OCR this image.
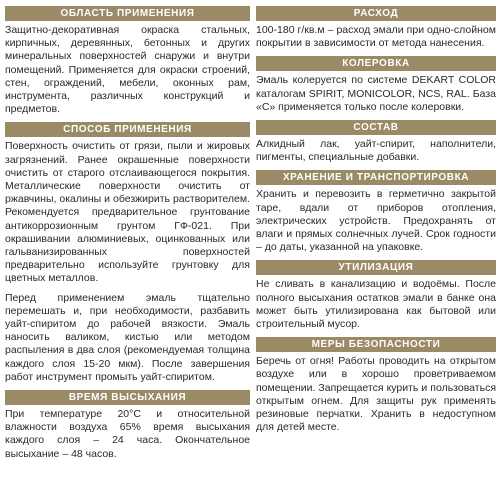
ОБЛАСТЬ ПРИМЕНЕНИЯ

Защитно-декоративная окраска стальных, кирпичных, деревянных, бетонных и других минеральных поверхностей снаружи и внутри помещений. Применяется для окраски строений, стен, ограждений, мебели, оконных рам, инструмента, различных конструкций и предметов.

СПОСОБ ПРИМЕНЕНИЯ

Поверхность очистить от грязи, пыли и жировых загрязнений. Ранее окрашенные поверхности очистить от старого отслаивающегося покрытия. Металлические поверхности очистить от ржавчины, окалины и обезжирить растворителем. Рекомендуется предварительное грунтование антикоррозионным грунтом ГФ-021. При окрашивании алюминиевых, оцинкованных или гальванизированных поверхностей предварительно используйте грунтовку для цветных металлов.

Перед применением эмаль тщательно перемешать и, при необходимости, разбавить уайт-спиритом до рабочей вязкости. Эмаль наносить валиком, кистью или методом распыления в два слоя (рекомендуемая толщина каждого слоя 15-20 мкм). После завершения работ инструмент промыть уайт-спиритом.

ВРЕМЯ ВЫСЫХАНИЯ

При температуре 20°C и относительной влажности воздуха 65% время высыхания каждого слоя – 24 часа. Окончательное высыхание – 48 часов.

РАСХОД

100-180 г/кв.м – расход эмали при одно-слойном покрытии в зависимости от метода нанесения.

КОЛЕРОВКА

Эмаль колеруется по системе DEKART COLOR каталогам SPIRIT, MONICOLOR, NCS, RAL. База «С» применяется только после колеровки.

СОСТАВ

Алкидный лак, уайт-спирит, наполнители, пигменты, специальные добавки.

ХРАНЕНИЕ И ТРАНСПОРТИРОВКА

Хранить и перевозить в герметично закрытой таре, вдали от приборов отопления, электрических устройств. Предохранять от влаги и прямых солнечных лучей. Срок годности – до даты, указанной на упаковке.

УТИЛИЗАЦИЯ

Не сливать в канализацию и водоёмы. После полного высыхания остатков эмали в банке она может быть утилизирована как бытовой или строительный мусор.

МЕРЫ БЕЗОПАСНОСТИ

Беречь от огня! Работы проводить на открытом воздухе или в хорошо проветриваемом помещении. Запрещается курить и пользоваться открытым огнем. Для защиты рук применять резиновые перчатки. Хранить в недоступном для детей месте.
